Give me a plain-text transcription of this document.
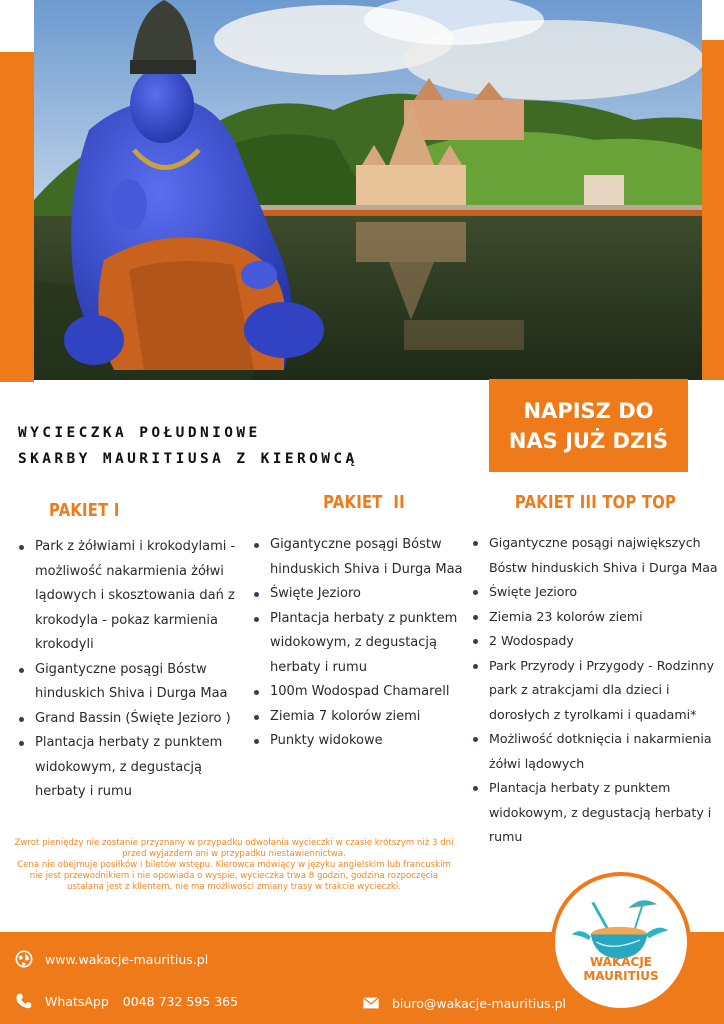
NAPISZ DO
NAS JUŻ DZIŚ
WYCIECZKA POŁUDNIOWE
SKARBY MAURITIUSA Z KIEROWCĄ
PAKIET I
Park z żółwiami i krokodylami - możliwość nakarmienia żółwi lądowych i skosztowania dań z krokodyla - pokaz karmienia krokodyli
Gigantyczne posągi Bóstw hinduskich Shiva i Durga Maa
Grand Bassin (Święte Jezioro )
Plantacja herbaty z punktem widokowym, z degustacją herbaty i rumu
PAKIET  II
Gigantyczne posągi Bóstw hinduskich Shiva i Durga Maa
Święte Jezioro
Plantacja herbaty z punktem widokowym, z degustacją herbaty i rumu
100m Wodospad Chamarell
Ziemia 7 kolorów ziemi
Punkty widokowe
PAKIET III TOP TOP
Gigantyczne posągi największych Bóstw hinduskich Shiva i Durga Maa
Święte Jezioro
Ziemia 23 kolorów ziemi
2 Wodospady
Park Przyrody i Przygody - Rodzinny park z atrakcjami dla dzieci i dorosłych z tyrolkami i quadami*
Możliwość dotknięcia i nakarmienia żółwi lądowych
Plantacja herbaty z punktem widokowym, z degustacją herbaty i rumu

Zwrot pieniędzy nie zostanie przyznany w przypadku odwołania wycieczki w czasie krótszym niż 3 dni przed wyjazdem ani w przypadku niestawiennictwa.

Cena nie obejmuje posiłków i biletów wstępu. Kierowca mówiący w języku angielskim lub francuskim nie jest przewodnikiem i nie opowiada o wyspie, wycieczka trwa 8 godzin, godzina rozpoczęcia ustalana jest z klientem, nie ma możliwości zmiany trasy w trakcie wycieczki.

www.wakacje-mauritius.pl
WhatsApp 0048 732 595 365	biuro@wakacje-mauritius.pl
WAKACJE
MAURITIUS
